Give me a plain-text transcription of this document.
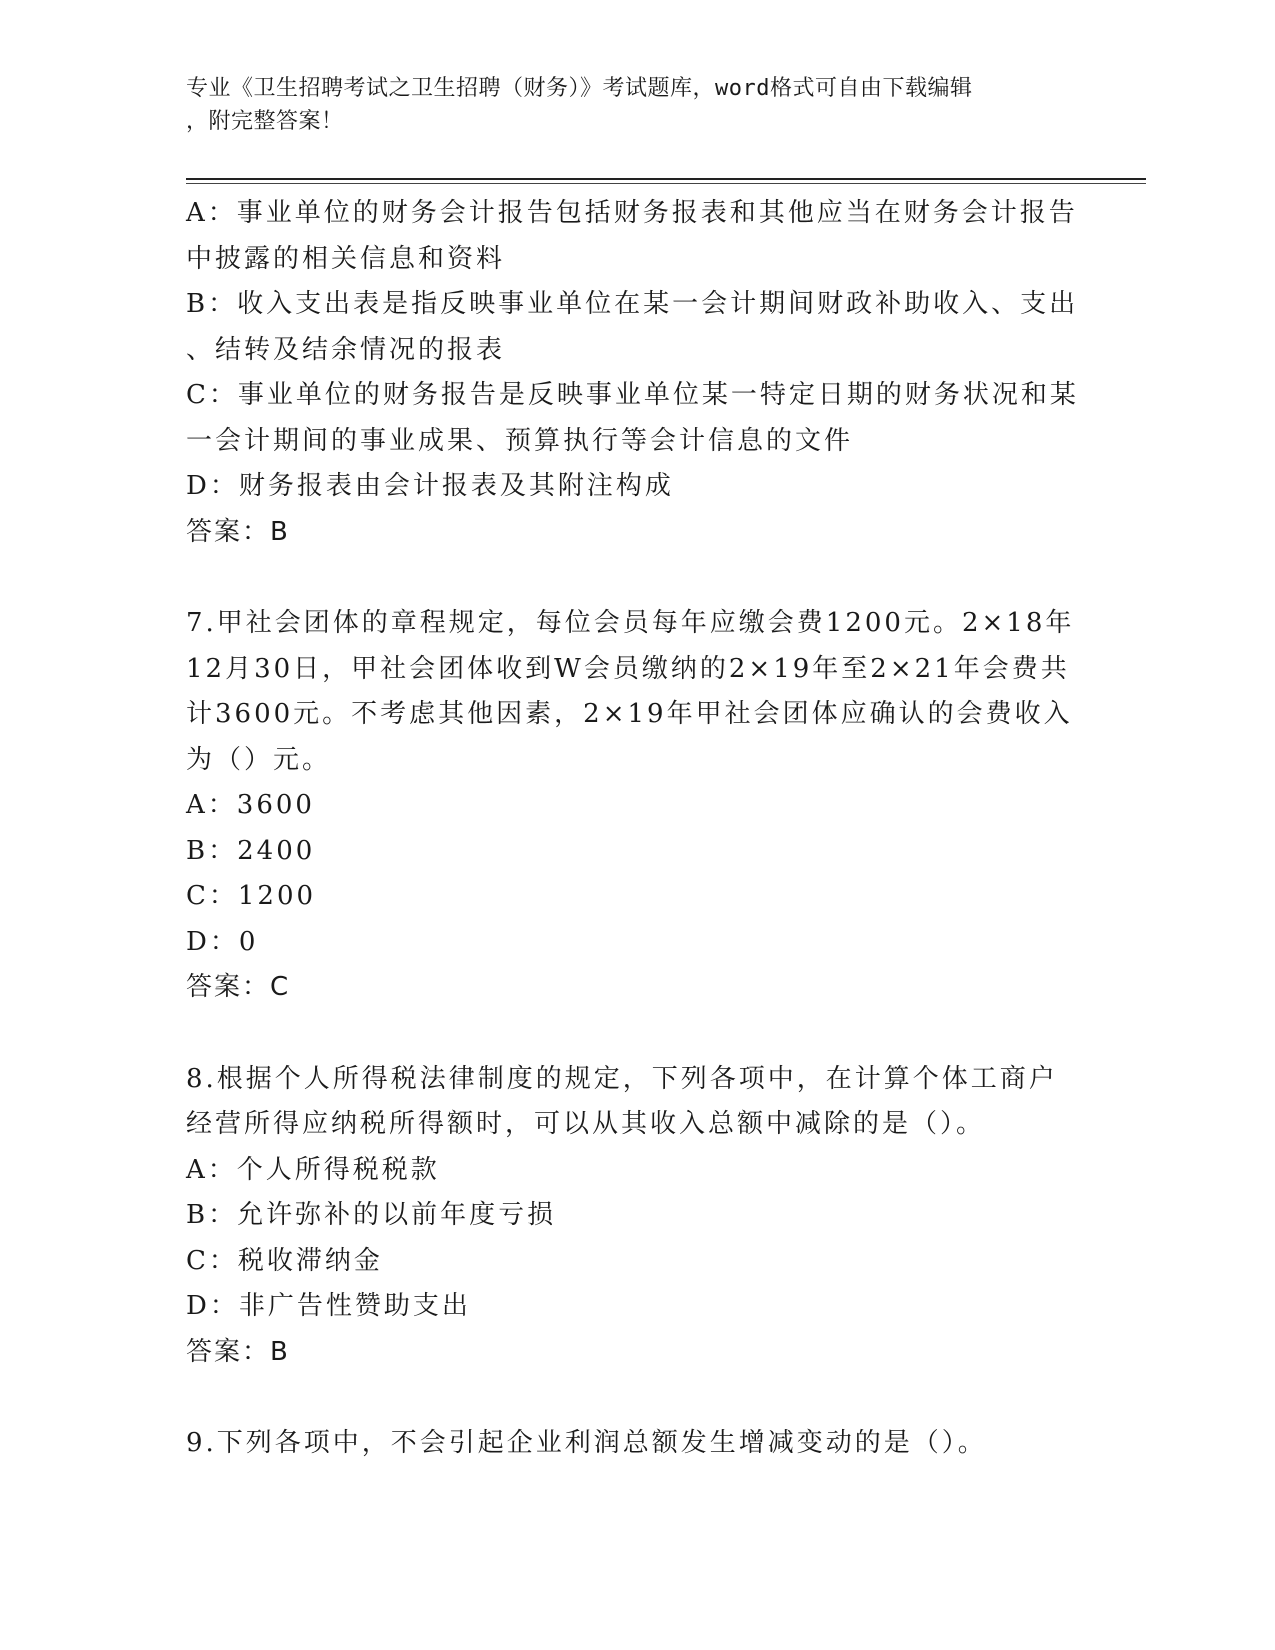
专业《卫生招聘考试之卫生招聘（财务）》考试题库，word格式可自由下载编辑
，附完整答案！
A：事业单位的财务会计报告包括财务报表和其他应当在财务会计报告
中披露的相关信息和资料
B：收入支出表是指反映事业单位在某一会计期间财政补助收入、支出
、结转及结余情况的报表
C：事业单位的财务报告是反映事业单位某一特定日期的财务状况和某
一会计期间的事业成果、预算执行等会计信息的文件
D：财务报表由会计报表及其附注构成
答案：B
7.甲社会团体的章程规定，每位会员每年应缴会费1200元。2×18年
12月30日，甲社会团体收到W会员缴纳的2×19年至2×21年会费共
计3600元。不考虑其他因素，2×19年甲社会团体应确认的会费收入
为（）元。
A：3600
B：2400
C：1200
D：0
答案：C
8.根据个人所得税法律制度的规定，下列各项中，在计算个体工商户
经营所得应纳税所得额时，可以从其收入总额中减除的是（）。
A：个人所得税税款
B：允许弥补的以前年度亏损
C：税收滞纳金
D：非广告性赞助支出
答案：B
9.下列各项中，不会引起企业利润总额发生增减变动的是（）。
